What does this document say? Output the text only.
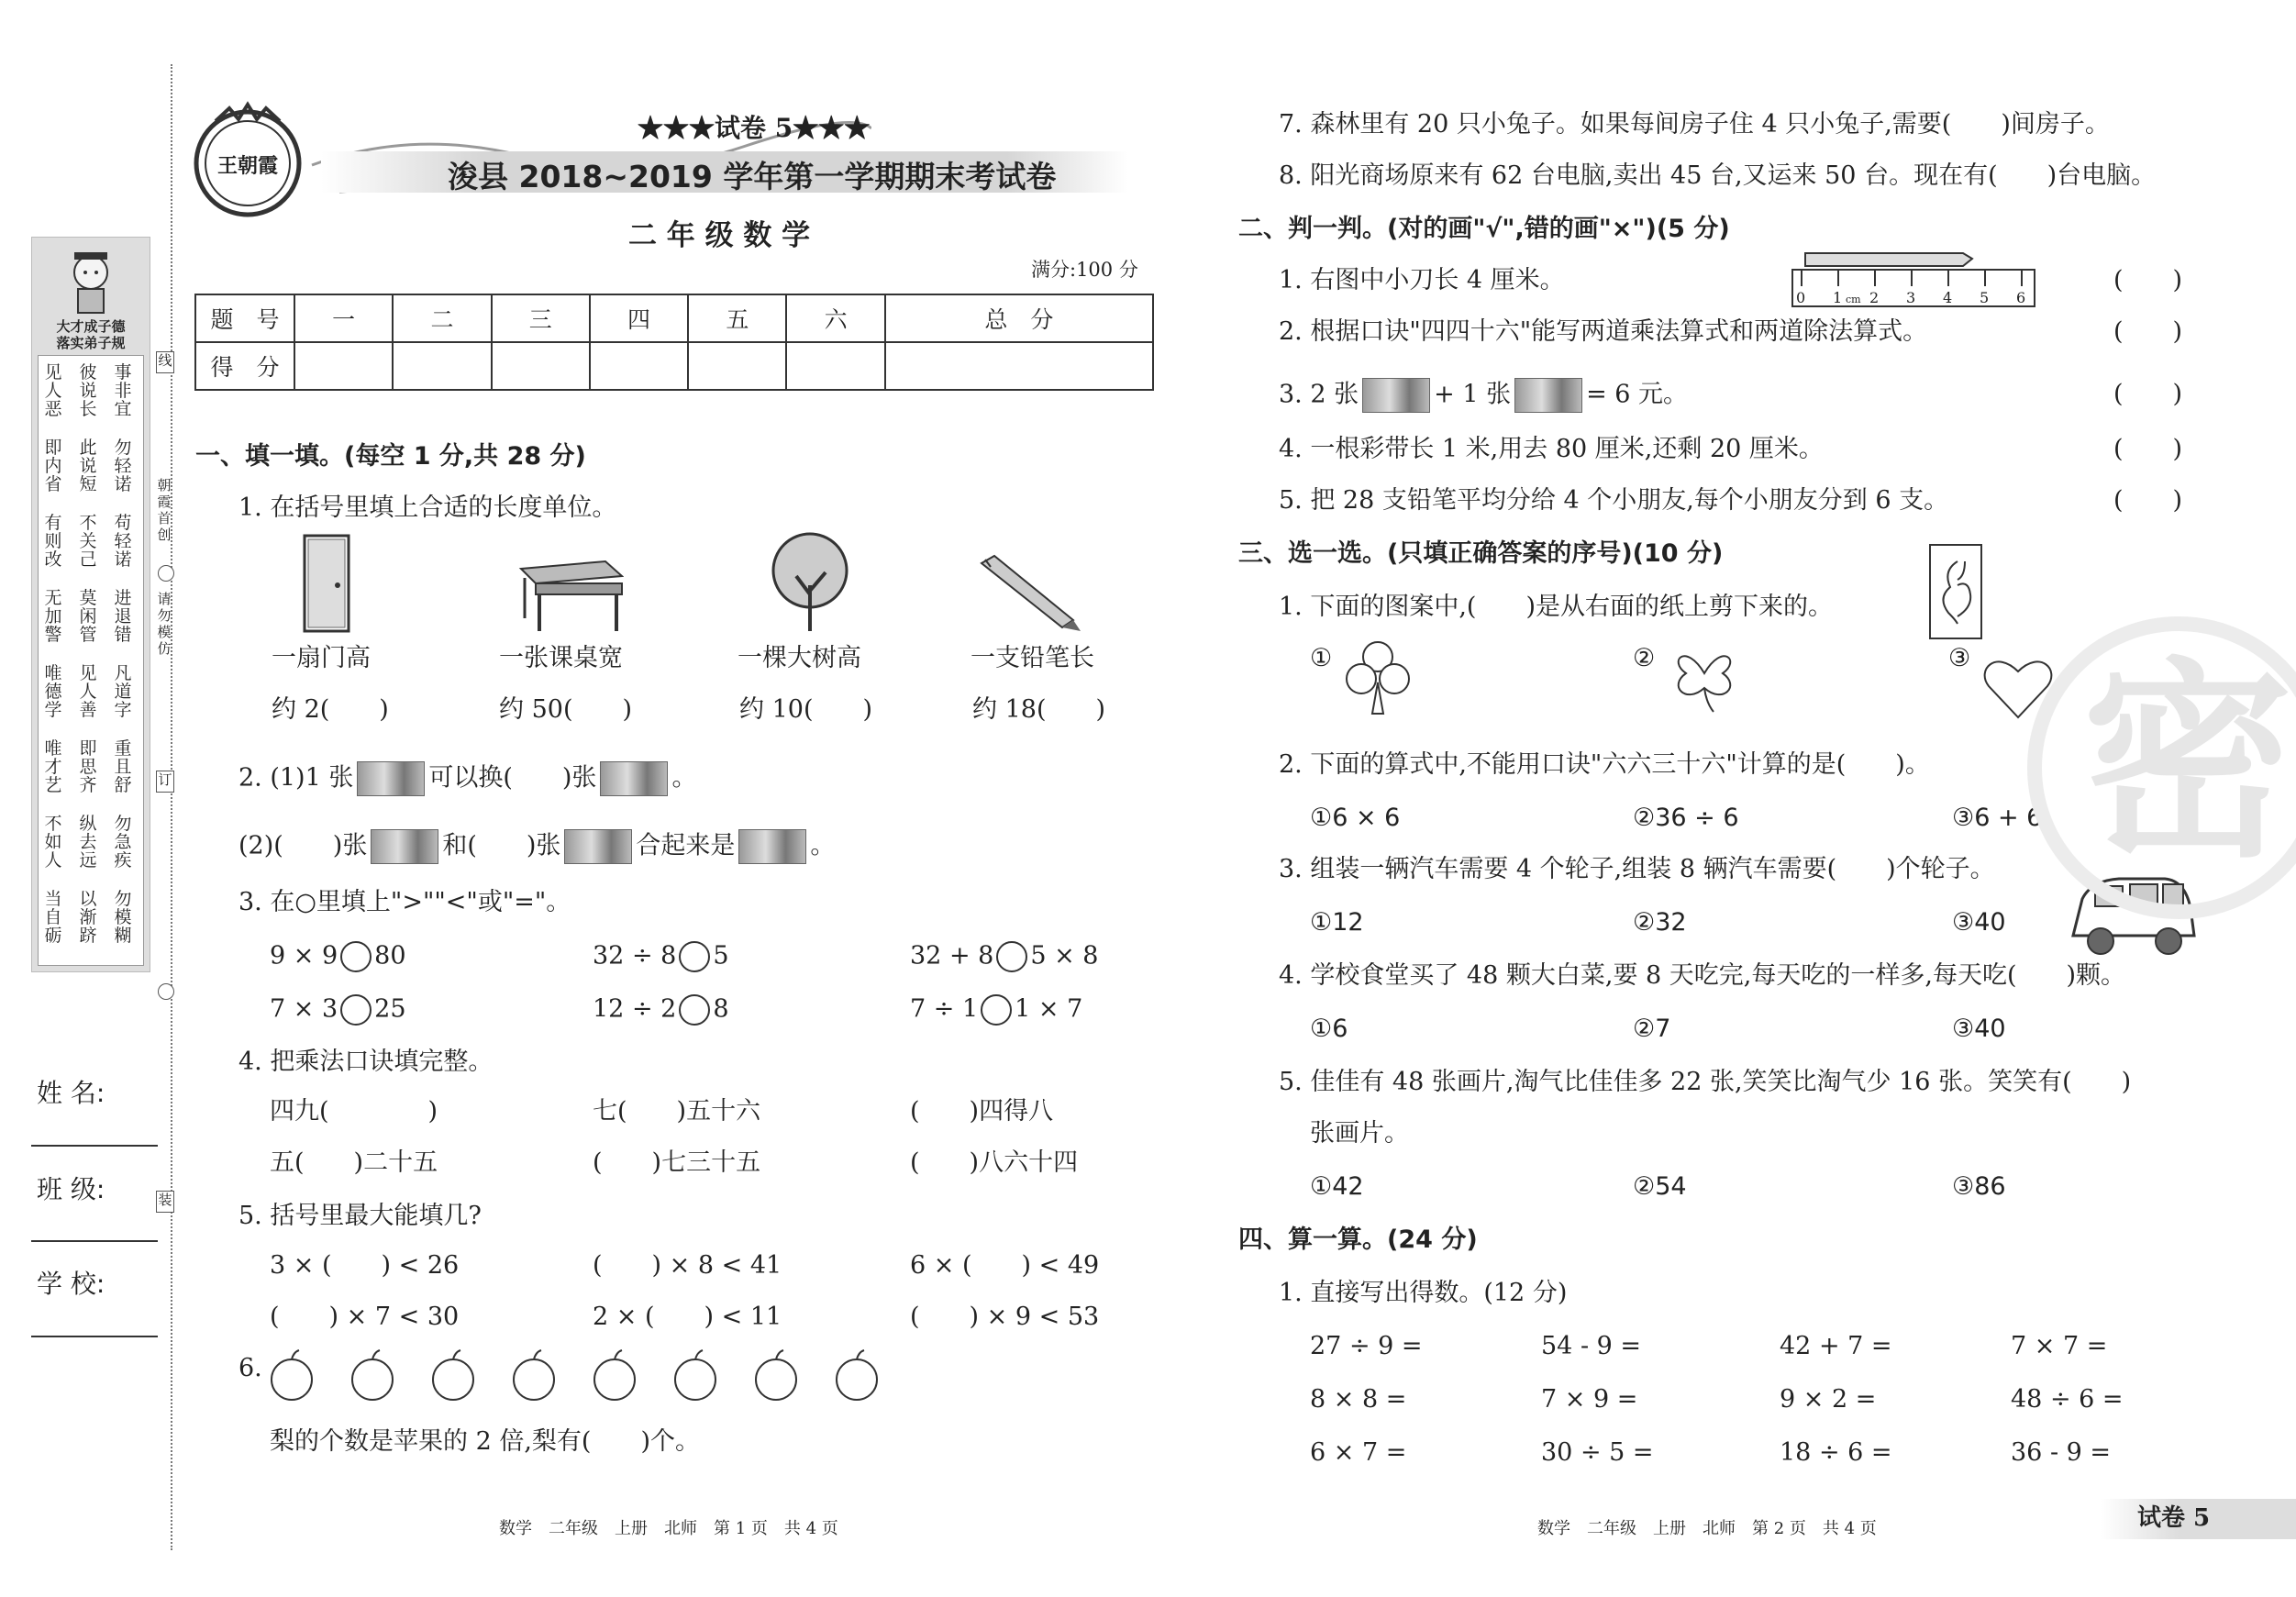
大才成子德
落实弟子规
见人恶
彼说长
事非宜
即内省
此说短
勿轻诺
有则改
不关己
苟轻诺
无加警
莫闲管
进退错
唯德学
见人善
凡道字
唯才艺
即思齐
重且舒
不如人
纵去远
勿急疾
当自砺
以渐跻
勿模糊
姓 名:
班 级:
学 校:
线
朝霞首创
请勿模仿
订
装
王朝霞
★★★试卷 5★★★
浚县 2018~2019 学年第一学期期末考试卷
二 年 级 数 学
满分:100 分
题　号	一	二	三	四	五	六	总　分
得　分							
一、填一填。(每空 1 分,共 28 分)
1. 在括号里填上合适的长度单位。
一扇门高	一张课桌宽	一棵大树高	一支铅笔长
约 2(　　)	约 50(　　)	约 10(　　)	约 18(　　)
2. (1)1 张	可以换(　　)张	。
(2)(　　)张	和(　　)张	合起来是	。
3. 在○里填上">""<"或"="。
9 × 9 80	32 ÷ 8 5	32 + 8 5 × 8
7 × 3 25	12 ÷ 2 8	7 ÷ 1 1 × 7
4. 把乘法口诀填完整。
四九(　　　　)	七(　　)五十六	(　　)四得八
五(　　)二十五	(　　)七三十五	(　　)八六十四
5. 括号里最大能填几?
3 × (　　) < 26	(　　) × 8 < 41	6 × (　　) < 49
(　　) × 7 < 30	2 × (　　) < 11	(　　) × 9 < 53
6.
梨的个数是苹果的 2 倍,梨有(　　)个。
数学　二年级　上册　北师　第 1 页　共 4 页
7. 森林里有 20 只小兔子。如果每间房子住 4 只小兔子,需要(　　)间房子。
8. 阳光商场原来有 62 台电脑,卖出 45 台,又运来 50 台。现在有(　　)台电脑。
二、判一判。(对的画"√",错的画"×")(5 分)
1. 右图中小刀长 4 厘米。
0 1 2 3 4 5 6
cm
(　　)
2. 根据口诀"四四十六"能写两道乘法算式和两道除法算式。	(　　)
3. 2 张	+ 1 张	= 6 元。	(　　)
4. 一根彩带长 1 米,用去 80 厘米,还剩 20 厘米。	(　　)
5. 把 28 支铅笔平均分给 4 个小朋友,每个小朋友分到 6 支。	(　　)
三、选一选。(只填正确答案的序号)(10 分)
1. 下面的图案中,(　　)是从右面的纸上剪下来的。
①	②	③
2. 下面的算式中,不能用口诀"六六三十六"计算的是(　　)。
①6 × 6	②36 ÷ 6	③6 + 6
3. 组装一辆汽车需要 4 个轮子,组装 8 辆汽车需要(　　)个轮子。
①12	②32	③40
4. 学校食堂买了 48 颗大白菜,要 8 天吃完,每天吃的一样多,每天吃(　　)颗。
①6	②7	③40
5. 佳佳有 48 张画片,淘气比佳佳多 22 张,笑笑比淘气少 16 张。笑笑有(　　)
张画片。
①42	②54	③86
四、算一算。(24 分)
1. 直接写出得数。(12 分)
27 ÷ 9 =	54 - 9 =	42 + 7 =	7 × 7 =
8 × 8 =	7 × 9 =	9 × 2 =	48 ÷ 6 =
6 × 7 =	30 ÷ 5 =	18 ÷ 6 =	36 - 9 =
密
数学　二年级　上册　北师　第 2 页　共 4 页	试卷 5
